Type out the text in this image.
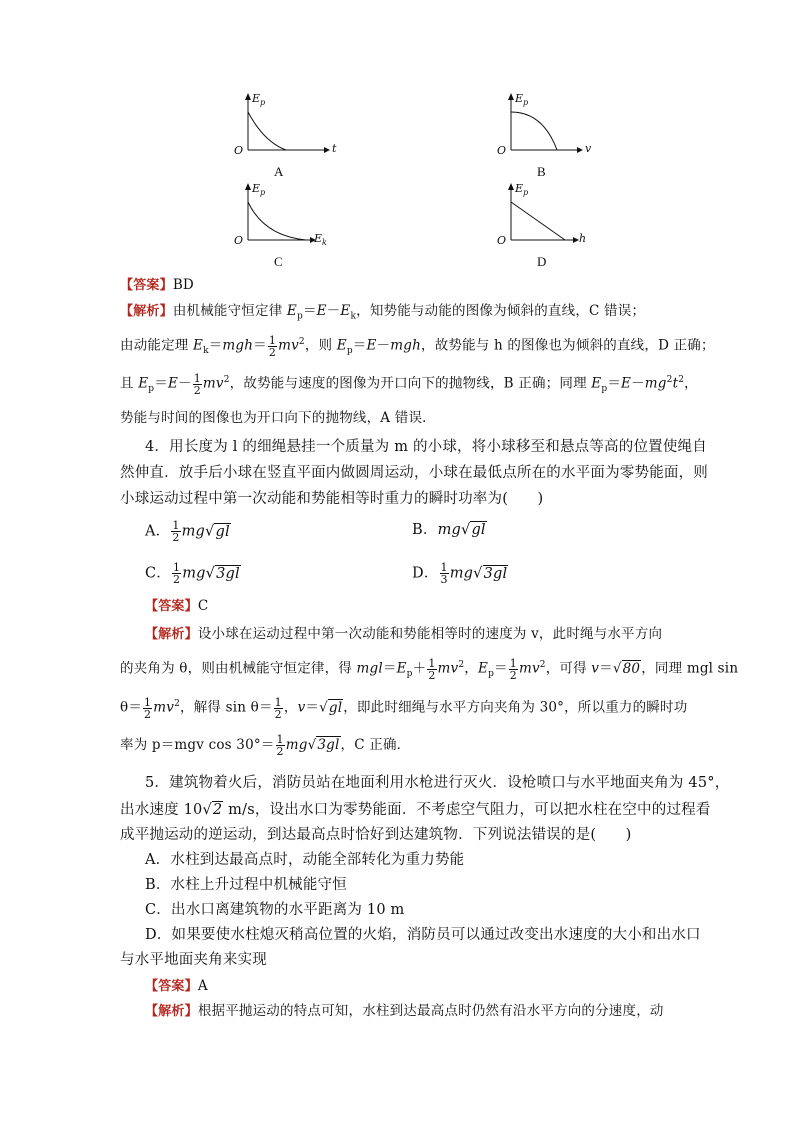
$E_p$
O	t
A
$E_p$
O	v
B
$E_p$
O	$E_k$
C
$E_p$
O	h
D
【答案】BD
【解析】由机械能守恒定律 $E_p=E-E_k$，知势能与动能的图像为倾斜的直线，C 错误；
由动能定理 $E_k=mgh= \frac{1}{2} mv^2$，则 $E_p=E-mgh$，故势能与 h 的图像也为倾斜的直线，D 正确；
且 $E_p=E- \frac{1}{2} mv^2$，故势能与速度的图像为开口向下的抛物线，B 正确；同理 $E_p=E-mg^2t^2$，
势能与时间的图像也为开口向下的抛物线，A 错误．
4．用长度为 l 的细绳悬挂一个质量为 m 的小球，将小球移至和悬点等高的位置使绳自
然伸直．放手后小球在竖直平面内做圆周运动，小球在最低点所在的水平面为零势能面，则
小球运动过程中第一次动能和势能相等时重力的瞬时功率为(　　)
A． $\frac{1}{2} mg√gl$	B．mg√gl
C． $\frac{1}{2} mg√3gl$	D． $\frac{1}{3} mg√3gl$
【答案】C
【解析】设小球在运动过程中第一次动能和势能相等时的速度为 v，此时绳与水平方向
的夹角为 θ，则由机械能守恒定律，得 $mgl=E_p+ \frac{1}{2} mv^2$，$E_p= \frac{1}{2} mv^2$，可得 v＝√80，同理 mgl sin
$\theta= \frac{1}{2} mv^2$，解得 $\sin \theta= \frac{1}{2}$ ，v＝√gl，即此时细绳与水平方向夹角为 30°，所以重力的瞬时功
率为 p＝mgv $\cos 30^\circ= \frac{1}{2} mg√3gl$，C 正确．
5．建筑物着火后，消防员站在地面利用水枪进行灭火．设枪喷口与水平地面夹角为 45°，
出水速度 10√2 m/s，设出水口为零势能面．不考虑空气阻力，可以把水柱在空中的过程看
成平抛运动的逆运动，到达最高点时恰好到达建筑物．下列说法错误的是(　　)
A．水柱到达最高点时，动能全部转化为重力势能
B．水柱上升过程中机械能守恒
C．出水口离建筑物的水平距离为 10 m
D．如果要使水柱熄灭稍高位置的火焰，消防员可以通过改变出水速度的大小和出水口
与水平地面夹角来实现
【答案】A
【解析】根据平抛运动的特点可知，水柱到达最高点时仍然有沿水平方向的分速度，动
